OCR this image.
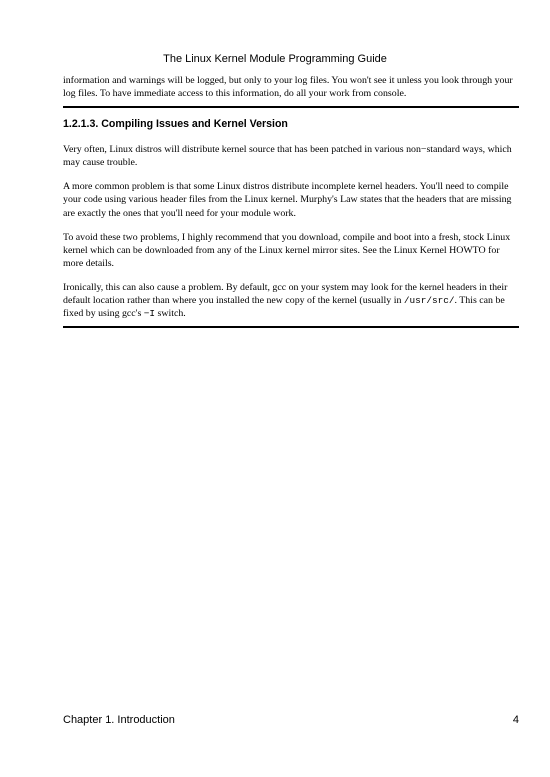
The Linux Kernel Module Programming Guide

information and warnings will be logged, but only to your log files. You won't see it unless you look through your log files. To have immediate access to this information, do all your work from console.

1.2.1.3. Compiling Issues and Kernel Version

Very often, Linux distros will distribute kernel source that has been patched in various non−standard ways, which may cause trouble.

A more common problem is that some Linux distros distribute incomplete kernel headers. You'll need to compile your code using various header files from the Linux kernel. Murphy's Law states that the headers that are missing are exactly the ones that you'll need for your module work.

To avoid these two problems, I highly recommend that you download, compile and boot into a fresh, stock Linux kernel which can be downloaded from any of the Linux kernel mirror sites. See the Linux Kernel HOWTO for more details.

Ironically, this can also cause a problem. By default, gcc on your system may look for the kernel headers in their default location rather than where you installed the new copy of the kernel (usually in /usr/src/. This can be fixed by using gcc's −I switch.

Chapter 1. Introduction	4
